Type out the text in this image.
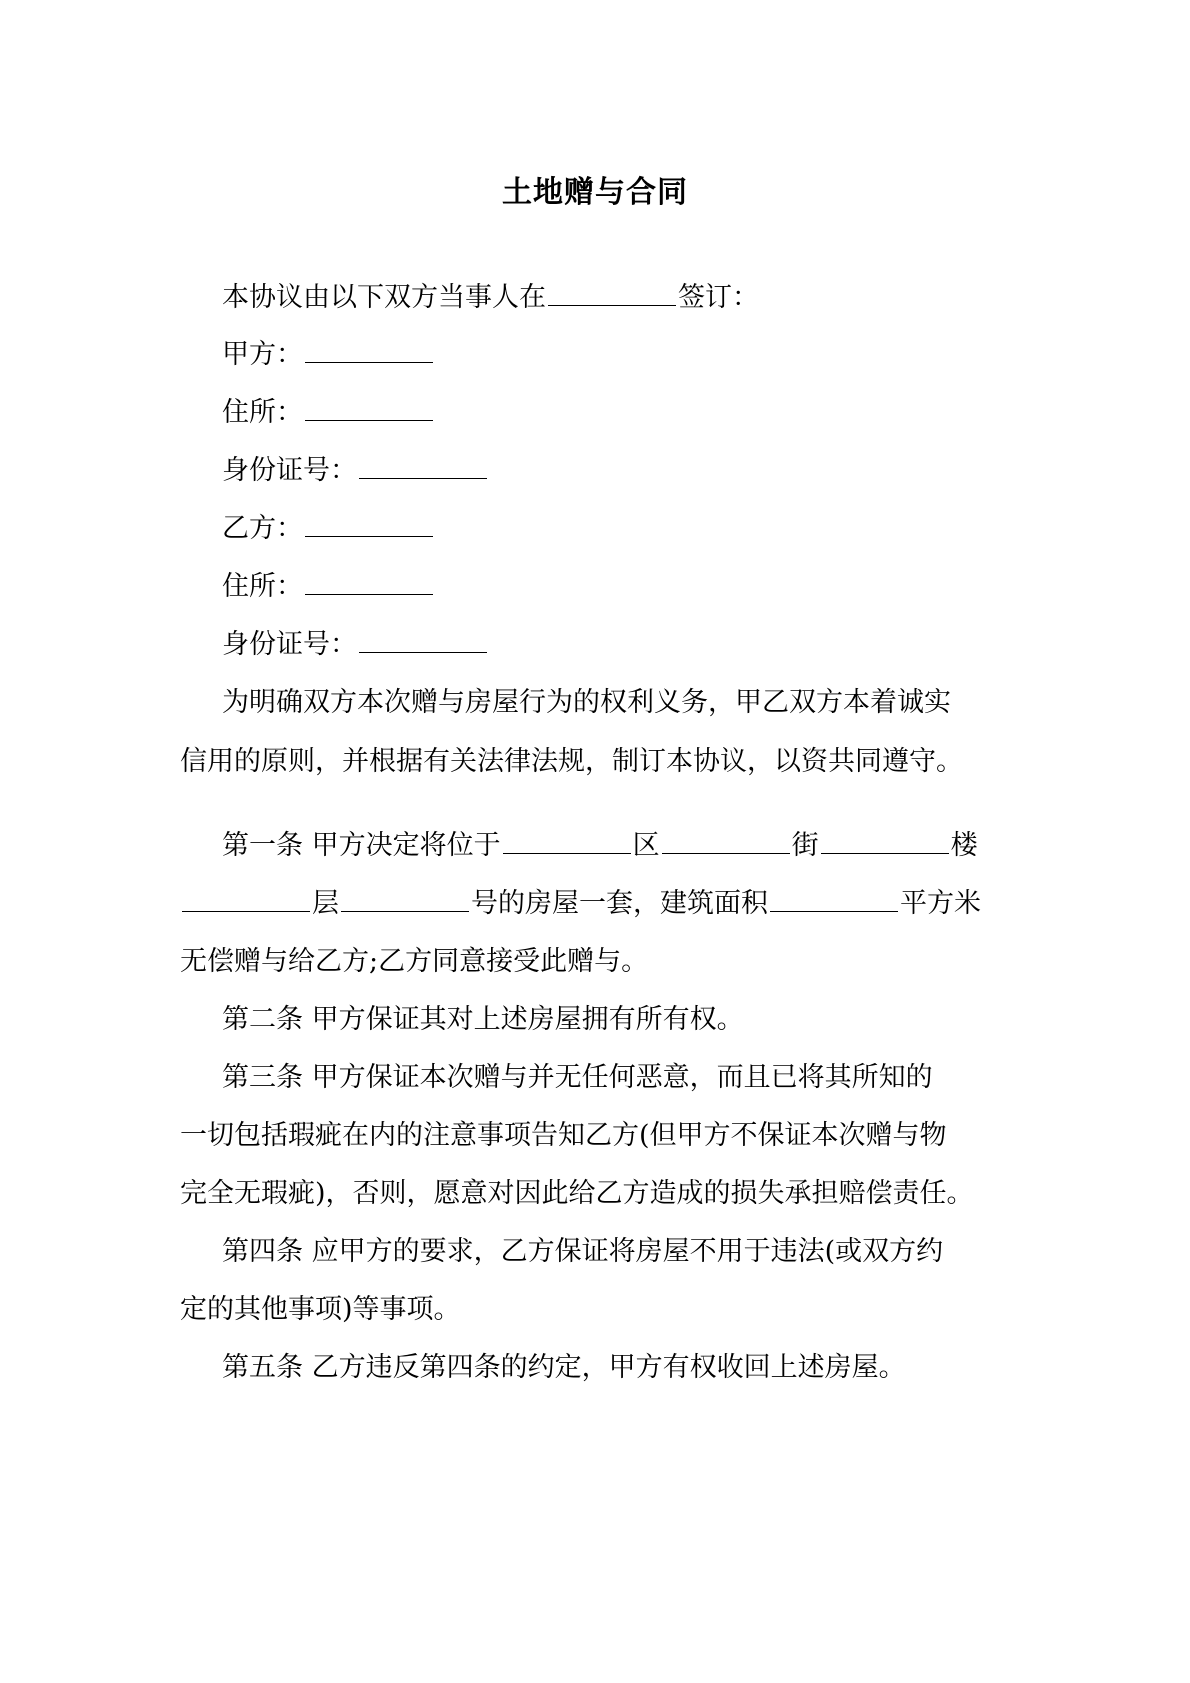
土地赠与合同
本协议由以下双方当事人在	签订：
甲方：
住所：
身份证号：
乙方：
住所：
身份证号：
为明确双方本次赠与房屋行为的权利义务，甲乙双方本着诚实
信用的原则，并根据有关法律法规，制订本协议，以资共同遵守。
第一条 甲方决定将位于	区	街	楼
层	号的房屋一套，建筑面积	平方米
无偿赠与给乙方;乙方同意接受此赠与。
第二条 甲方保证其对上述房屋拥有所有权。
第三条 甲方保证本次赠与并无任何恶意，而且已将其所知的
一切包括瑕疵在内的注意事项告知乙方(但甲方不保证本次赠与物
完全无瑕疵)，否则，愿意对因此给乙方造成的损失承担赔偿责任。
第四条 应甲方的要求，乙方保证将房屋不用于违法(或双方约
定的其他事项)等事项。
第五条 乙方违反第四条的约定，甲方有权收回上述房屋。
